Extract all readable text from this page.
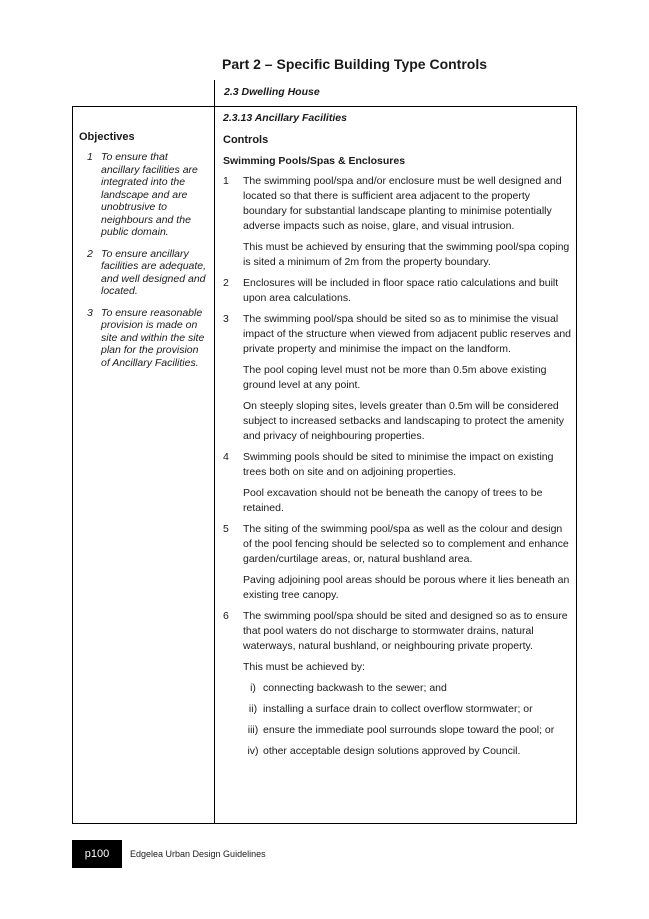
Part 2 – Specific Building Type Controls
2.3 Dwelling House
Objectives
1 To ensure that ancillary facilities are integrated into the landscape and are unobtrusive to neighbours and the public domain.
2 To ensure ancillary facilities are adequate, and well designed and located.
3 To ensure reasonable provision is made on site and within the site plan for the provision of Ancillary Facilities.
2.3.13 Ancillary Facilities
Controls
Swimming Pools/Spas & Enclosures
1	The swimming pool/spa and/or enclosure must be well designed and located so that there is sufficient area adjacent to the property boundary for substantial landscape planting to minimise potentially adverse impacts such as noise, glare, and visual intrusion.

This must be achieved by ensuring that the swimming pool/spa coping is sited a minimum of 2m from the property boundary.

2	Enclosures will be included in floor space ratio calculations and built upon area calculations.

3	The swimming pool/spa should be sited so as to minimise the visual impact of the structure when viewed from adjacent public reserves and private property and minimise the impact on the landform.

The pool coping level must not be more than 0.5m above existing ground level at any point.

On steeply sloping sites, levels greater than 0.5m will be considered subject to increased setbacks and landscaping to protect the amenity and privacy of neighbouring properties.

4	Swimming pools should be sited to minimise the impact on existing trees both on site and on adjoining properties.

Pool excavation should not be beneath the canopy of trees to be retained.

5	The siting of the swimming pool/spa as well as the colour and design of the pool fencing should be selected so to complement and enhance garden/curtilage areas, or, natural bushland area.

Paving adjoining pool areas should be porous where it lies beneath an existing tree canopy.

6	The swimming pool/spa should be sited and designed so as to ensure that pool waters do not discharge to stormwater drains, natural waterways, natural bushland, or neighbouring private property.

This must be achieved by:

i) connecting backwash to the sewer; and
ii) installing a surface drain to collect overflow stormwater; or
iii) ensure the immediate pool surrounds slope toward the pool; or
iv) other acceptable design solutions approved by Council.
p100 Edgelea Urban Design Guidelines
